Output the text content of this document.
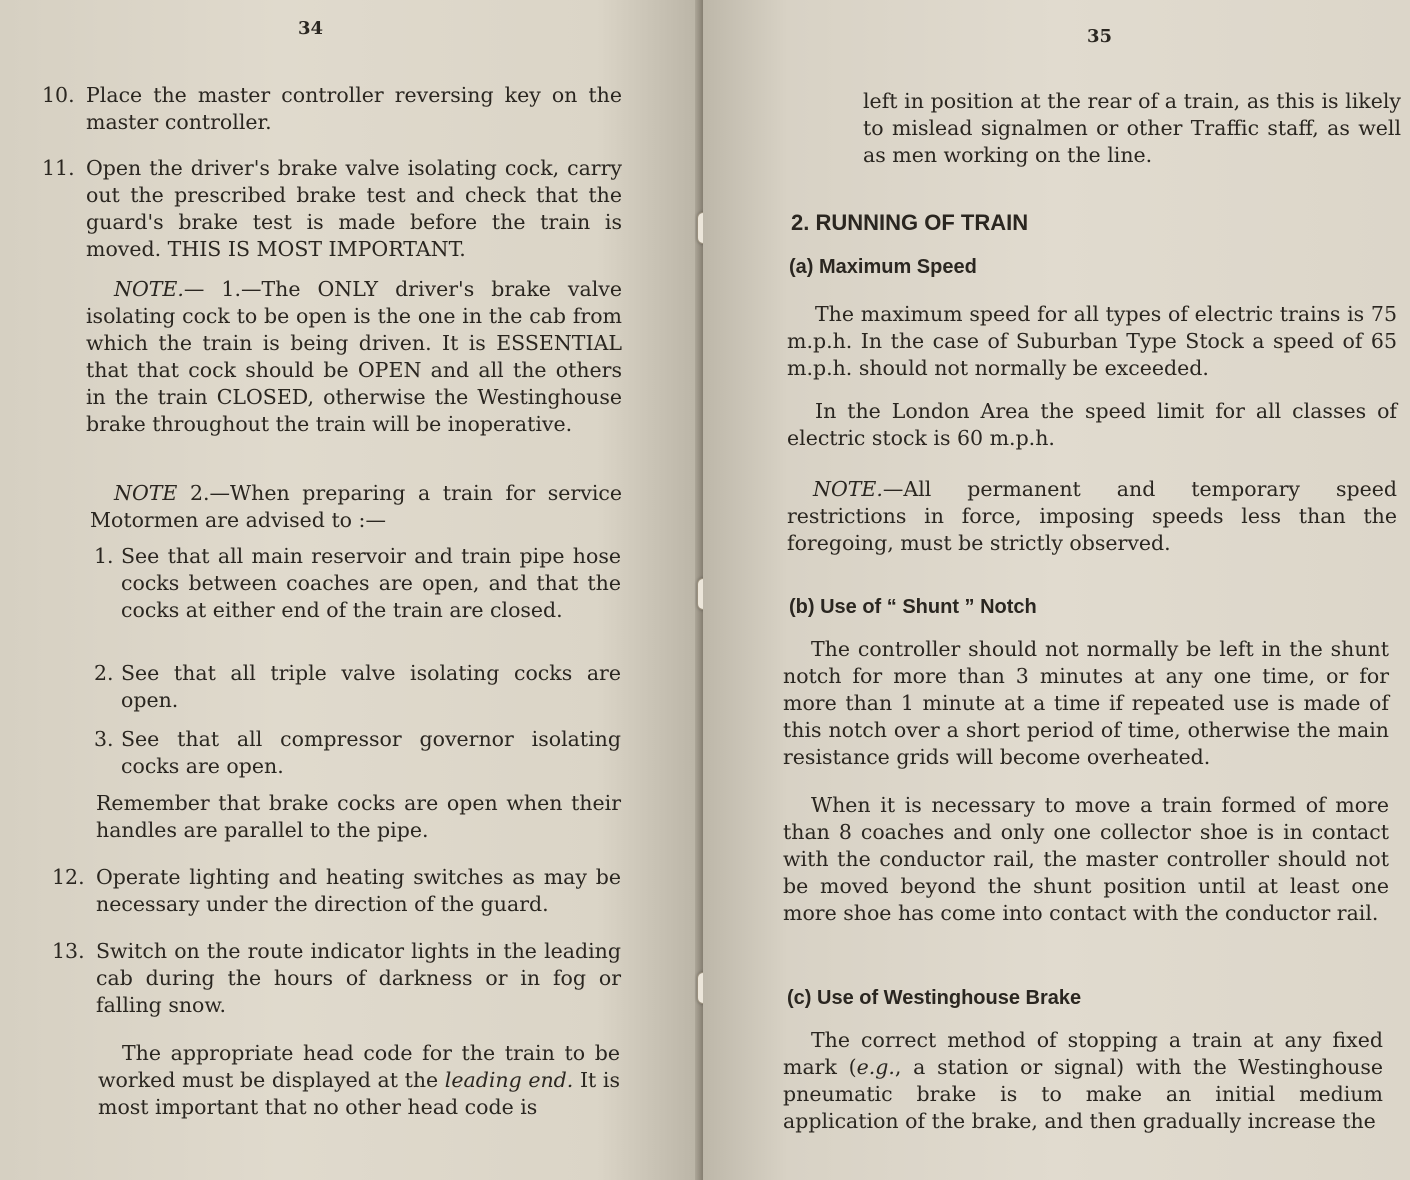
34
10. Place the master controller reversing key on the master controller.
11. Open the driver's brake valve isolating cock, carry out the prescribed brake test and check that the guard's brake test is made before the train is moved. THIS IS MOST IMPORTANT.
NOTE.— 1.—The ONLY driver's brake valve isolating cock to be open is the one in the cab from which the train is being driven. It is ESSENTIAL that that cock should be OPEN and all the others in the train CLOSED, otherwise the Westinghouse brake throughout the train will be inoperative.
NOTE 2.—When preparing a train for service Motormen are advised to :—
1. See that all main reservoir and train pipe hose cocks between coaches are open, and that the cocks at either end of the train are closed.
2. See that all triple valve isolating cocks are open.
3. See that all compressor governor isolating cocks are open.
Remember that brake cocks are open when their handles are parallel to the pipe.
12. Operate lighting and heating switches as may be necessary under the direction of the guard.
13. Switch on the route indicator lights in the leading cab during the hours of darkness or in fog or falling snow.
The appropriate head code for the train to be worked must be displayed at the leading end. It is most important that no other head code is
35
left in position at the rear of a train, as this is likely to mislead signalmen or other Traffic staff, as well as men working on the line.
2. RUNNING OF TRAIN
(a) Maximum Speed
The maximum speed for all types of electric trains is 75 m.p.h. In the case of Suburban Type Stock a speed of 65 m.p.h. should not normally be exceeded.
In the London Area the speed limit for all classes of electric stock is 60 m.p.h.
NOTE.—All permanent and temporary speed restrictions in force, imposing speeds less than the foregoing, must be strictly observed.
(b) Use of “ Shunt ” Notch
The controller should not normally be left in the shunt notch for more than 3 minutes at any one time, or for more than 1 minute at a time if repeated use is made of this notch over a short period of time, otherwise the main resistance grids will become overheated.
When it is necessary to move a train formed of more than 8 coaches and only one collector shoe is in contact with the conductor rail, the master controller should not be moved beyond the shunt position until at least one more shoe has come into contact with the conductor rail.
(c) Use of Westinghouse Brake
The correct method of stopping a train at any fixed mark (e.g., a station or signal) with the Westinghouse pneumatic brake is to make an initial medium application of the brake, and then gradually increase the
